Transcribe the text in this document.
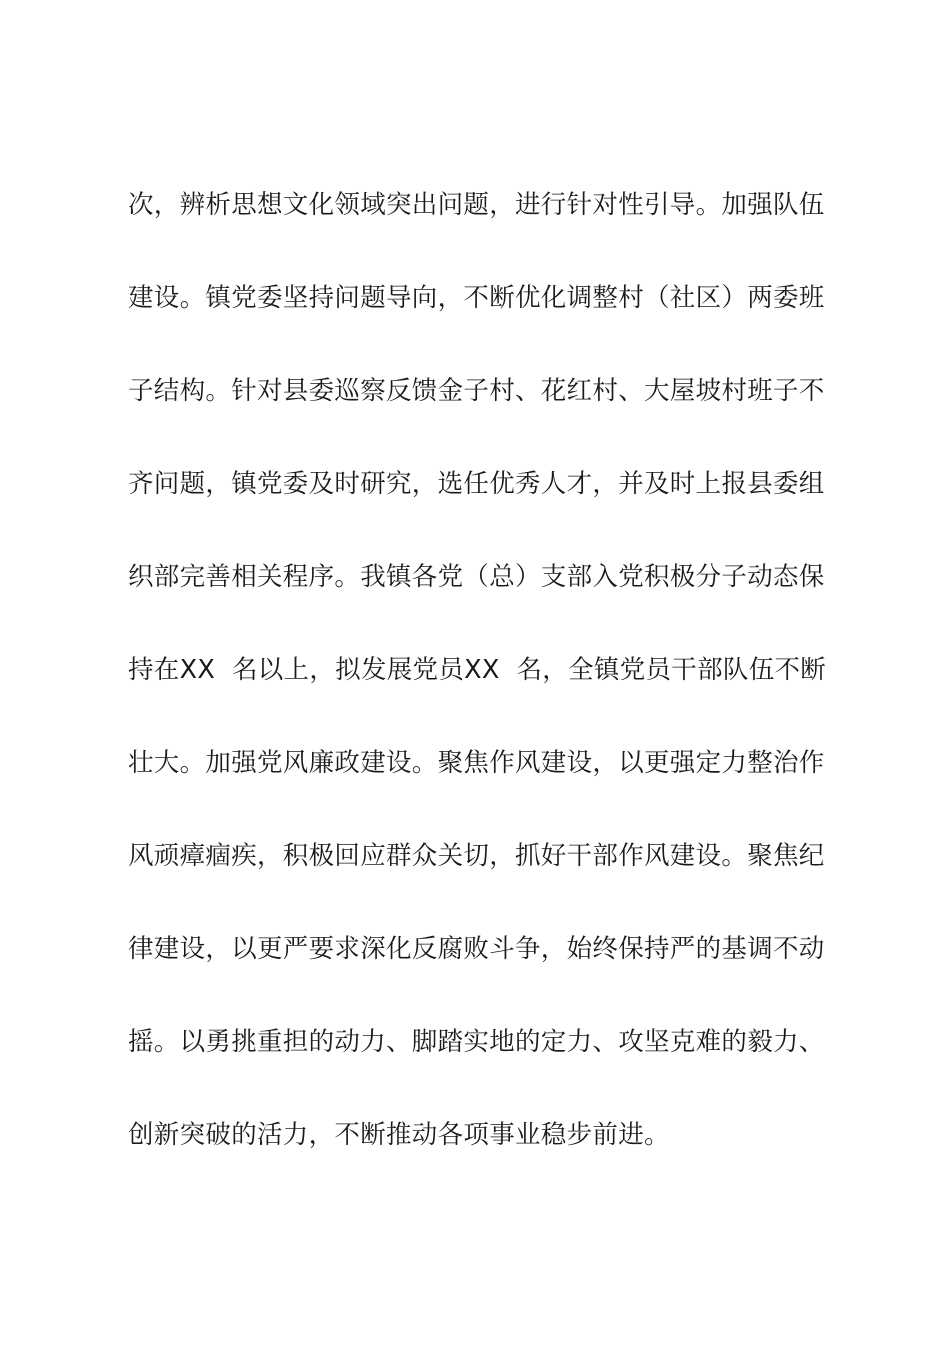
次，辨析思想文化领域突出问题，进行针对性引导。加强队伍
建设。镇党委坚持问题导向，不断优化调整村（社区）两委班
子结构。针对县委巡察反馈金子村、花红村、大屋坡村班子不
齐问题，镇党委及时研究，选任优秀人才，并及时上报县委组
织部完善相关程序。我镇各党（总）支部入党积极分子动态保
持在XX  名以上，拟发展党员XX  名，全镇党员干部队伍不断
壮大。加强党风廉政建设。聚焦作风建设，以更强定力整治作
风顽瘴痼疾，积极回应群众关切，抓好干部作风建设。聚焦纪
律建设，以更严要求深化反腐败斗争，始终保持严的基调不动
摇。以勇挑重担的动力、脚踏实地的定力、攻坚克难的毅力、
创新突破的活力，不断推动各项事业稳步前进。
